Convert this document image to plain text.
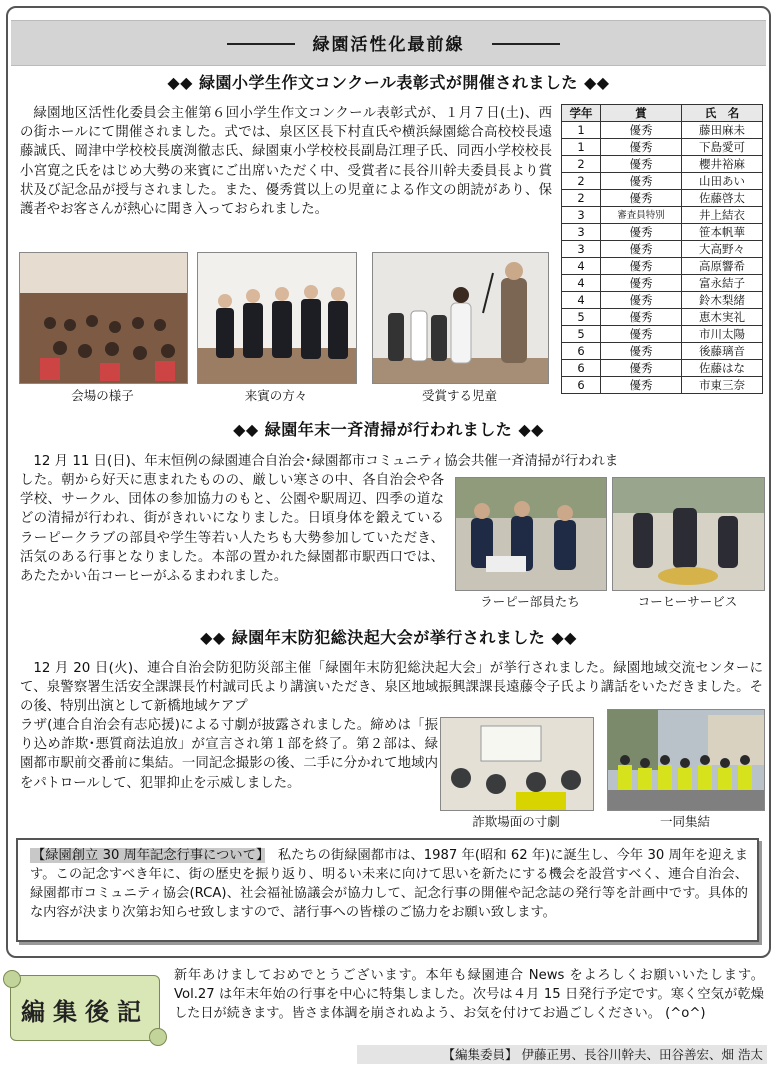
緑園活性化最前線
◆◆ 緑園小学生作文コンクール表彰式が開催されました ◆◆
緑園地区活性化委員会主催第６回小学生作文コンクール表彰式が、１月７日(土)、西の街ホールにて開催されました。式では、泉区区長下村直氏や横浜緑園総合高校校長遠藤誠氏、岡津中学校校長廣渕徹志氏、緑園東小学校校長副島江理子氏、同西小学校校長小宮寛之氏をはじめ大勢の来賓にご出席いただく中、受賞者に長谷川幹夫委員長より賞状及び記念品が授与されました。また、優秀賞以上の児童による作文の朗読があり、保護者やお客さんが熱心に聞き入っておられました。
会場の様子	来賓の方々	受賞する児童
学年	賞	氏　名
1	優秀	藤田麻未
1	優秀	下島愛可
2	優秀	櫻井裕麻
2	優秀	山田あい
2	優秀	佐藤啓太
3	審査員特別	井上結衣
3	優秀	笹本帆華
3	優秀	大高野々
4	優秀	高原響希
4	優秀	富永結子
4	優秀	鈴木梨緒
5	優秀	恵木実礼
5	優秀	市川太陽
6	優秀	後藤璃音
6	優秀	佐藤はな
6	優秀	市東三奈
◆◆ 緑園年末一斉清掃が行われました ◆◆
12 月 11 日(日)、年末恒例の緑園連合自治会･緑園都市コミュニティ協会共催一斉清掃が行われま
した。朝から好天に恵まれたものの、厳しい寒さの中、各自治会や各学校、サークル、団体の参加協力のもと、公園や駅周辺、四季の道などの清掃が行われ、街がきれいになりました。日頃身体を鍛えているラーピークラブの部員や学生等若い人たちも大勢参加していただき、活気のある行事となりました。本部の置かれた緑園都市駅西口では、あたたかい缶コーヒーがふるまわれました。
ラーピー部員たち	コーヒーサービス
◆◆ 緑園年末防犯総決起大会が挙行されました ◆◆
12 月 20 日(火)、連合自治会防犯防災部主催「緑園年末防犯総決起大会」が挙行されました。緑園地域交流センターにて、泉警察署生活安全課課長竹村誠司氏より講演いただき、泉区地域振興課課長遠藤令子氏より講話をいただきました。その後、特別出演として新橋地域ケアプ
ラザ(連合自治会有志応援)による寸劇が披露されました。締めは「振り込め詐欺･悪質商法追放」が宣言され第１部を終了。第２部は、緑園都市駅前交番前に集結。一同記念撮影の後、二手に分かれて地域内をパトロールして、犯罪抑止を示威しました。
詐欺場面の寸劇	一同集結
【緑園創立 30 周年記念行事について】　 私たちの街緑園都市は、1987 年(昭和 62 年)に誕生し、今年 30 周年を迎えます。この記念すべき年に、街の歴史を振り返り、明るい未来に向けて思いを新たにする機会を設営すべく、連合自治会、緑園都市コミュニティ協会(RCA)、社会福祉協議会が協力して、記念行事の開催や記念誌の発行等を計画中です。具体的な内容が決まり次第お知らせ致しますので、諸行事への皆様のご協力をお願い致します。
編集後記
新年あけましておめでとうございます。本年も緑園連合 News をよろしくお願いいたします。Vol.27 は年末年始の行事を中心に特集しました。次号は４月 15 日発行予定です。寒く空気が乾燥した日が続きます。皆さま体調を崩されぬよう、お気を付けてお過ごしください。 (^o^)
【編集委員】 伊藤正男、長谷川幹夫、田谷善宏、畑 浩太
